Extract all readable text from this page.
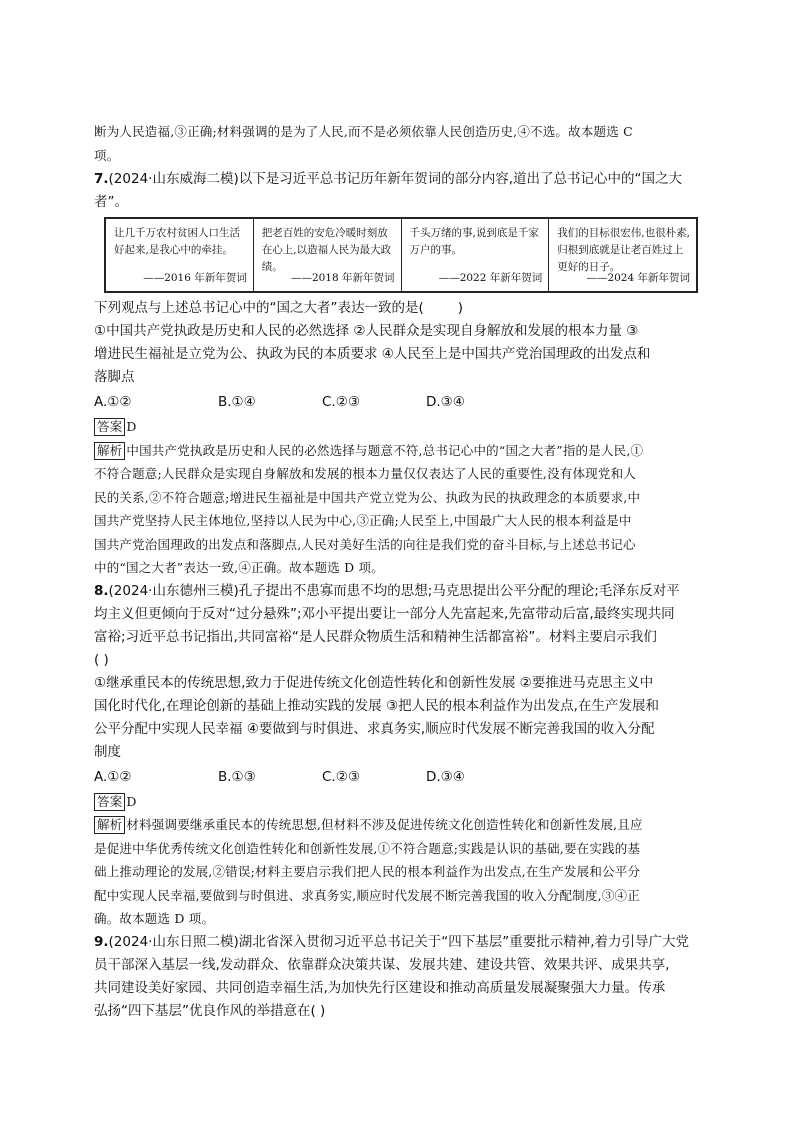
断为人民造福,③正确;材料强调的是为了人民,而不是必须依靠人民创造历史,④不选。故本题选 C
项。
7.(2024·山东威海二模)以下是习近平总书记历年新年贺词的部分内容,道出了总书记心中的“国之大
者”。
让几千万农村贫困人口生活好起来,是我心中的牵挂。
——2016 年新年贺词
把老百姓的安危冷暖时刻放在心上,以造福人民为最大政绩。
——2018 年新年贺词
千头万绪的事,说到底是千家万户的事。
——2022 年新年贺词
我们的目标很宏伟,也很朴素,归根到底就是让老百姓过上更好的日子。
——2024 年新年贺词
下列观点与上述总书记心中的“国之大者”表达一致的是(	)
①中国共产党执政是历史和人民的必然选择 ②人民群众是实现自身解放和发展的根本力量 ③
增进民生福祉是立党为公、执政为民的本质要求 ④人民至上是中国共产党治国理政的出发点和
落脚点
A.①②	B.①④	C.②③	D.③④
答案 D
解析 中国共产党执政是历史和人民的必然选择与题意不符,总书记心中的“国之大者”指的是人民,①
不符合题意;人民群众是实现自身解放和发展的根本力量仅仅表达了人民的重要性,没有体现党和人
民的关系,②不符合题意;增进民生福祉是中国共产党立党为公、执政为民的执政理念的本质要求,中
国共产党坚持人民主体地位,坚持以人民为中心,③正确;人民至上,中国最广大人民的根本利益是中
国共产党治国理政的出发点和落脚点,人民对美好生活的向往是我们党的奋斗目标,与上述总书记心
中的“国之大者”表达一致,④正确。故本题选 D 项。
8.(2024·山东德州三模)孔子提出不患寡而患不均的思想;马克思提出公平分配的理论;毛泽东反对平
均主义但更倾向于反对“过分悬殊”;邓小平提出要让一部分人先富起来,先富带动后富,最终实现共同
富裕;习近平总书记指出,共同富裕“是人民群众物质生活和精神生活都富裕”。材料主要启示我们
( )
①继承重民本的传统思想,致力于促进传统文化创造性转化和创新性发展 ②要推进马克思主义中
国化时代化,在理论创新的基础上推动实践的发展 ③把人民的根本利益作为出发点,在生产发展和
公平分配中实现人民幸福 ④要做到与时俱进、求真务实,顺应时代发展不断完善我国的收入分配
制度
A.①②	B.①③	C.②③	D.③④
答案 D
解析 材料强调要继承重民本的传统思想,但材料不涉及促进传统文化创造性转化和创新性发展,且应
是促进中华优秀传统文化创造性转化和创新性发展,①不符合题意;实践是认识的基础,要在实践的基
础上推动理论的发展,②错误;材料主要启示我们把人民的根本利益作为出发点,在生产发展和公平分
配中实现人民幸福,要做到与时俱进、求真务实,顺应时代发展不断完善我国的收入分配制度,③④正
确。故本题选 D 项。
9.(2024·山东日照二模)湖北省深入贯彻习近平总书记关于“四下基层”重要批示精神,着力引导广大党
员干部深入基层一线,发动群众、依靠群众决策共谋、发展共建、建设共管、效果共评、成果共享,
共同建设美好家园、共同创造幸福生活,为加快先行区建设和推动高质量发展凝聚强大力量。传承
弘扬“四下基层”优良作风的举措意在( )
